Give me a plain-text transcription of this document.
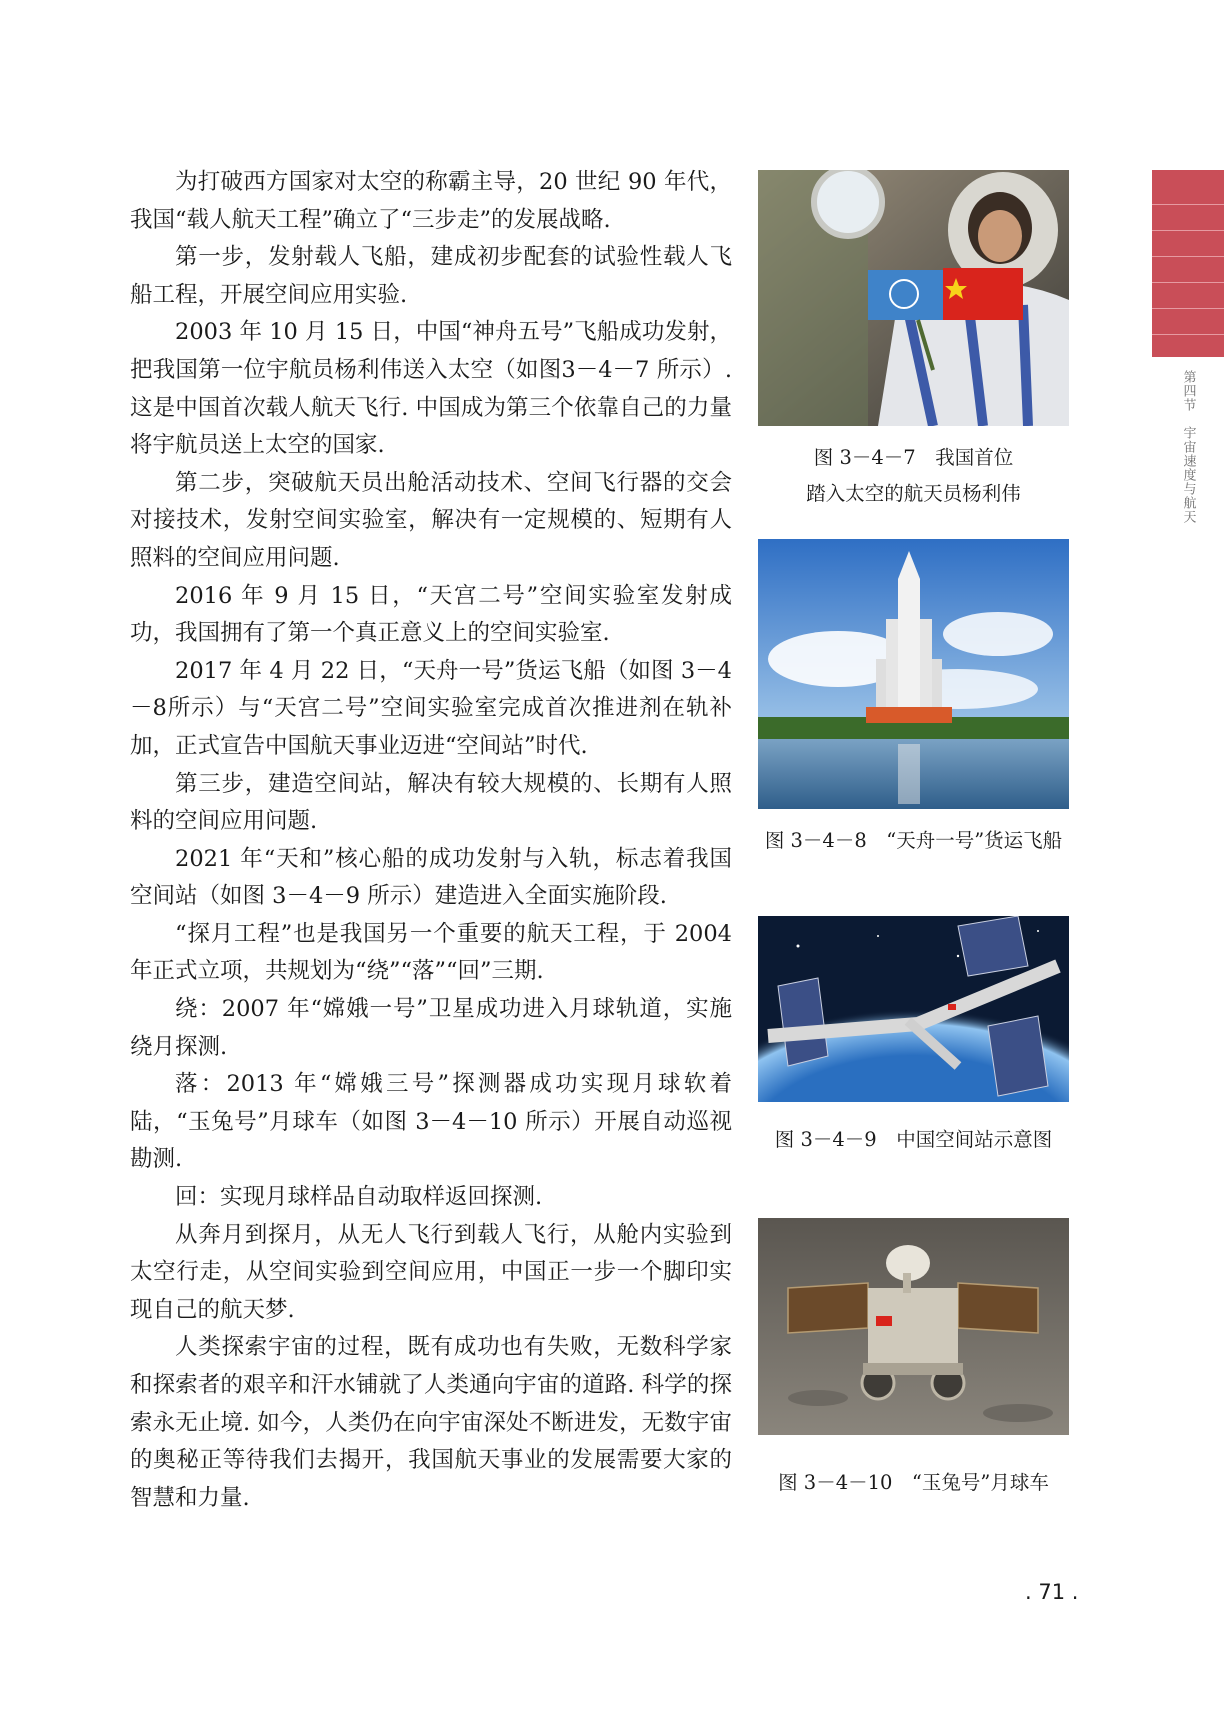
第四节
宇宙速度与航天

为打破西方国家对太空的称霸主导，20 世纪 90 年代，我国“载人航天工程”确立了“三步走”的发展战略.

第一步，发射载人飞船，建成初步配套的试验性载人飞船工程，开展空间应用实验.

2003 年 10 月 15 日，中国“神舟五号”飞船成功发射，把我国第一位宇航员杨利伟送入太空（如图3－4－7 所示）. 这是中国首次载人航天飞行. 中国成为第三个依靠自己的力量将宇航员送上太空的国家.

第二步，突破航天员出舱活动技术、空间飞行器的交会对接技术，发射空间实验室，解决有一定规模的、短期有人照料的空间应用问题.

2016 年 9 月 15 日，“天宫二号”空间实验室发射成功，我国拥有了第一个真正意义上的空间实验室.

2017 年 4 月 22 日，“天舟一号”货运飞船（如图 3－4－8所示）与“天宫二号”空间实验室完成首次推进剂在轨补加，正式宣告中国航天事业迈进“空间站”时代.

第三步，建造空间站，解决有较大规模的、长期有人照料的空间应用问题.

2021 年“天和”核心船的成功发射与入轨，标志着我国空间站（如图 3－4－9 所示）建造进入全面实施阶段.

“探月工程”也是我国另一个重要的航天工程，于 2004 年正式立项，共规划为“绕”“落”“回”三期.

绕：2007 年“嫦娥一号”卫星成功进入月球轨道，实施绕月探测.

落：2013 年“嫦娥三号”探测器成功实现月球软着陆，“玉兔号”月球车（如图 3－4－10 所示）开展自动巡视勘测.

回：实现月球样品自动取样返回探测.

从奔月到探月，从无人飞行到载人飞行，从舱内实验到太空行走，从空间实验到空间应用，中国正一步一个脚印实现自己的航天梦.

人类探索宇宙的过程，既有成功也有失败，无数科学家和探索者的艰辛和汗水铺就了人类通向宇宙的道路. 科学的探索永无止境. 如今，人类仍在向宇宙深处不断进发，无数宇宙的奥秘正等待我们去揭开，我国航天事业的发展需要大家的智慧和力量.

图 3－4－7　我国首位
踏入太空的航天员杨利伟
图 3－4－8　“天舟一号”货运飞船
图 3－4－9　中国空间站示意图
图 3－4－10　“玉兔号”月球车
. 71 .
